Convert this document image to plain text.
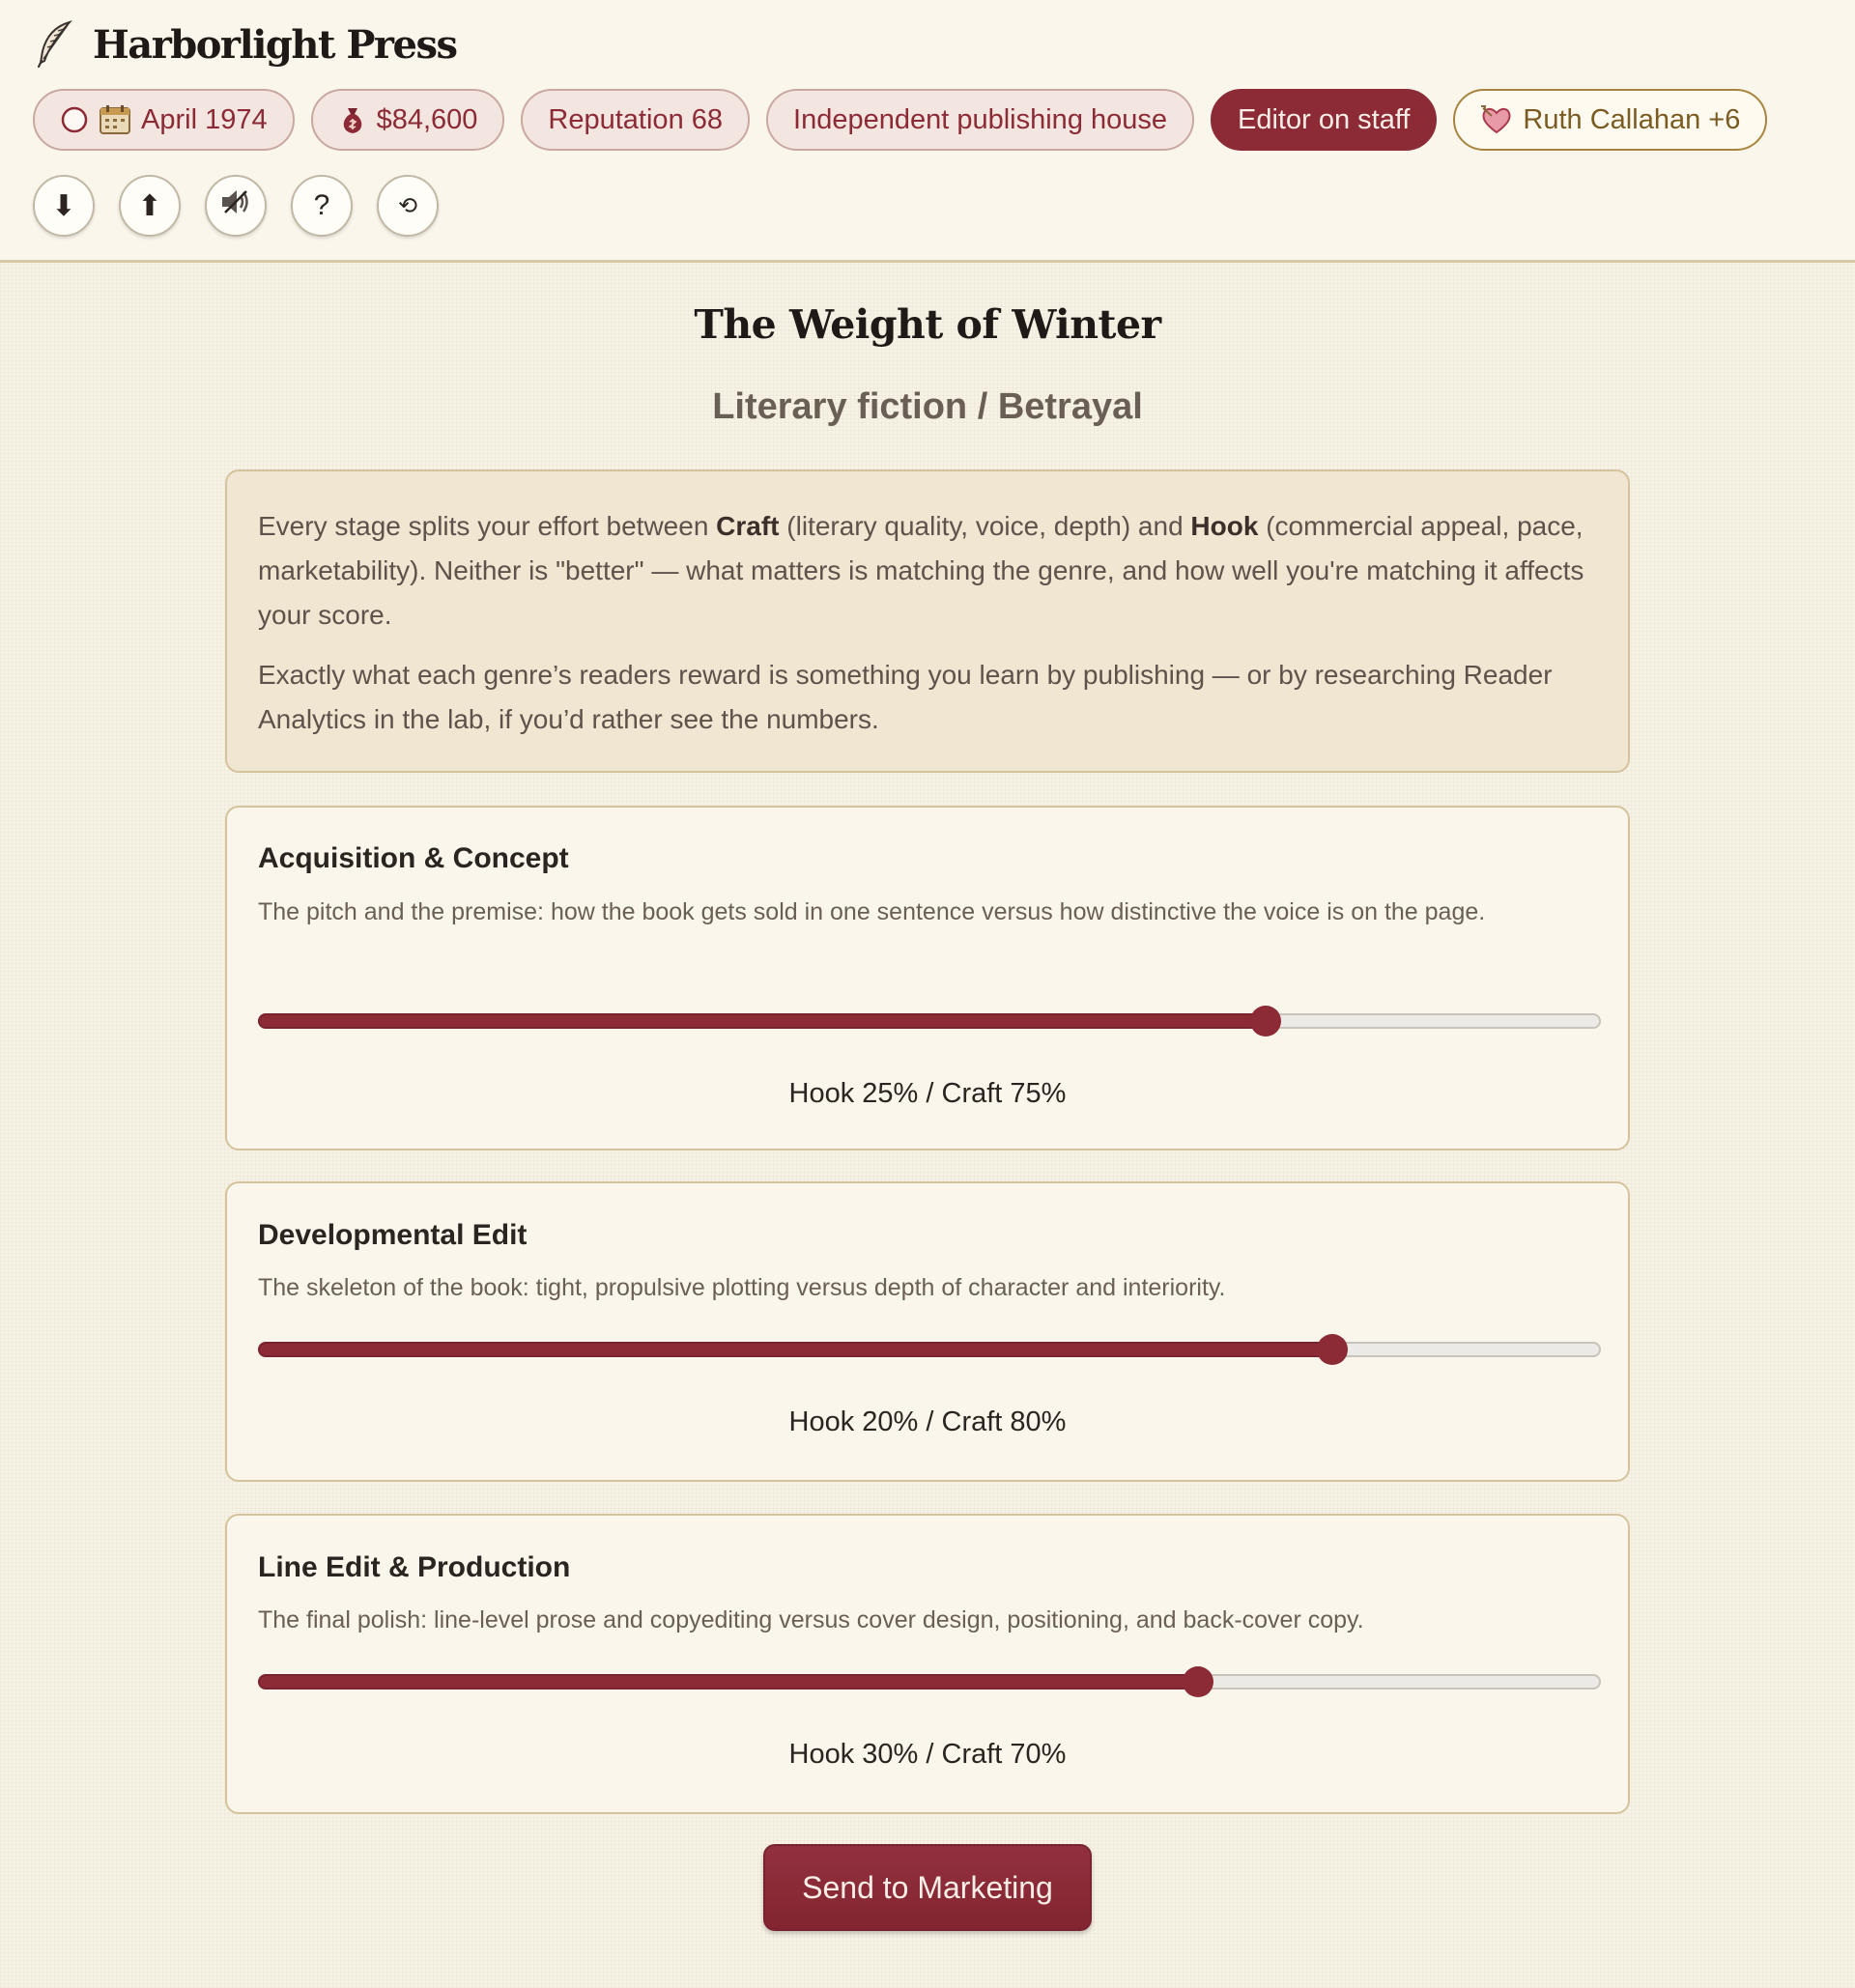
Harborlight Press
April 1974	$84,600	Reputation 68	Independent publishing house	Editor on staff	Ruth Callahan +6
⬇ ⬆	?	⟲
The Weight of Winter
Literary fiction / Betrayal

Every stage splits your effort between Craft (literary quality, voice, depth) and Hook (commercial appeal, pace, marketability). Neither is "better" — what matters is matching the genre, and how well you're matching it affects your score.

Exactly what each genre’s readers reward is something you learn by publishing — or by researching Reader Analytics in the lab, if you’d rather see the numbers.

Acquisition & Concept
The pitch and the premise: how the book gets sold in one sentence versus how distinctive the voice is on the page.
Hook 25% / Craft 75%
Developmental Edit
The skeleton of the book: tight, propulsive plotting versus depth of character and interiority.
Hook 20% / Craft 80%
Line Edit & Production
The final polish: line-level prose and copyediting versus cover design, positioning, and back-cover copy.
Hook 30% / Craft 70%
Send to Marketing
